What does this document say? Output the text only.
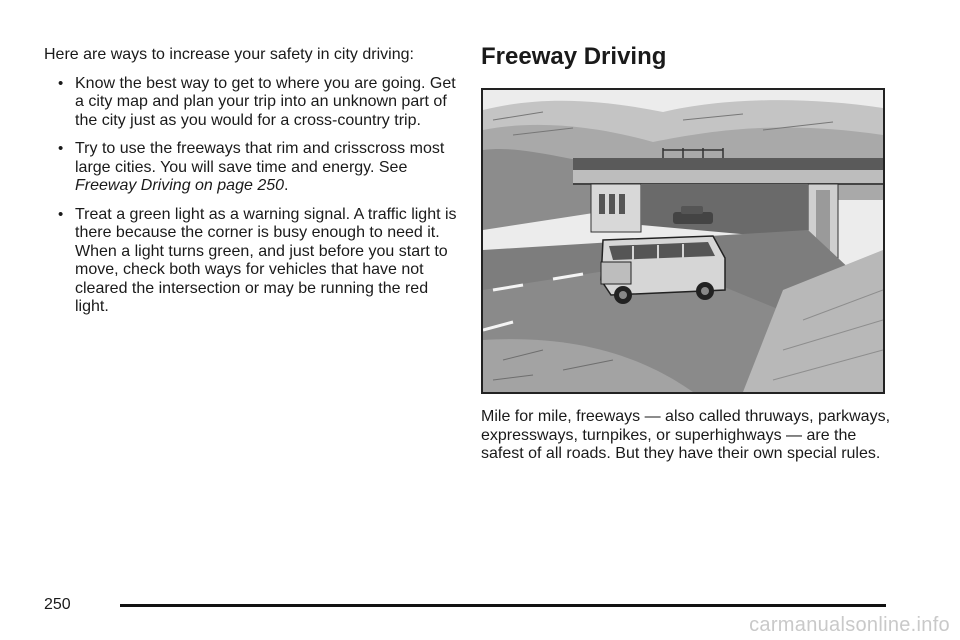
Here are ways to increase your safety in city driving:

• Know the best way to get to where you are going. Get a city map and plan your trip into an unknown part of the city just as you would for a cross-country trip.
• Try to use the freeways that rim and crisscross most large cities. You will save time and energy. See Freeway Driving on page 250.
• Treat a green light as a warning signal. A traffic light is there because the corner is busy enough to need it. When a light turns green, and just before you start to move, check both ways for vehicles that have not cleared the intersection or may be running the red light.
Freeway Driving

Mile for mile, freeways — also called thruways, parkways, expressways, turnpikes, or superhighways — are the safest of all roads. But they have their own special rules.

250
carmanualsonline.info
